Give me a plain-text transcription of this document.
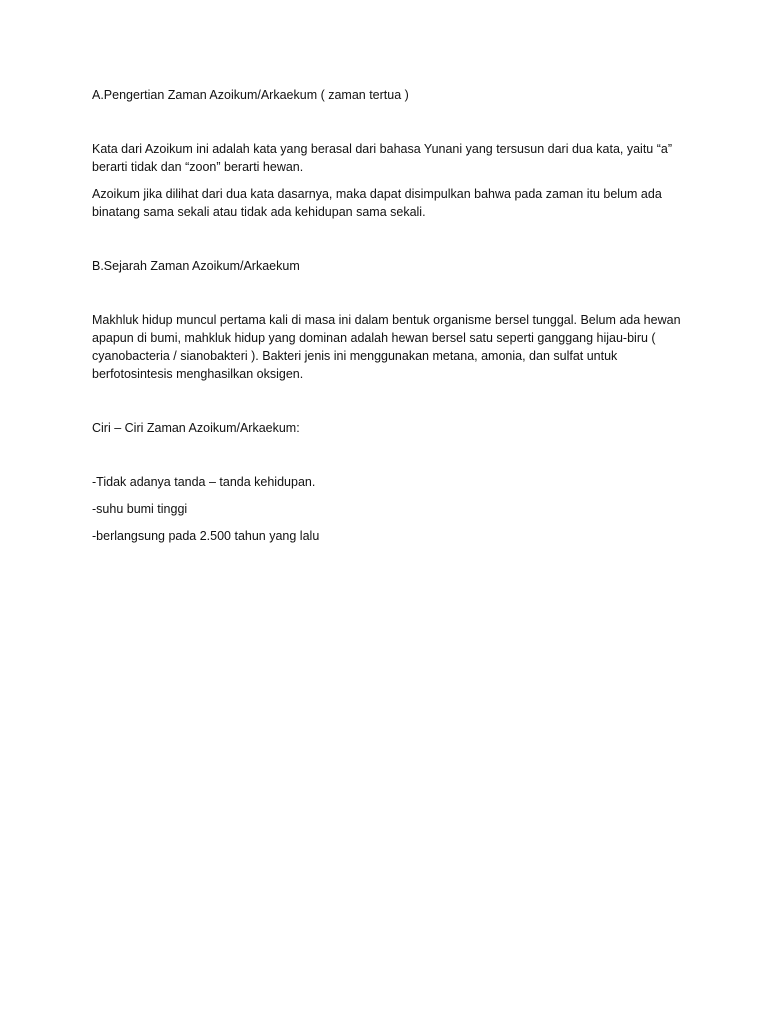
A.Pengertian Zaman Azoikum/Arkaekum ( zaman tertua )

Kata dari Azoikum ini adalah kata yang berasal dari bahasa Yunani yang tersusun dari dua kata, yaitu “a” berarti tidak dan “zoon” berarti hewan.

Azoikum jika dilihat dari dua kata dasarnya, maka dapat disimpulkan bahwa pada zaman itu belum ada binatang sama sekali atau tidak ada kehidupan sama sekali.

B.Sejarah Zaman Azoikum/Arkaekum

Makhluk hidup muncul pertama kali di masa ini dalam bentuk organisme bersel tunggal. Belum ada hewan apapun di bumi, mahkluk hidup yang dominan adalah hewan bersel satu seperti ganggang hijau-biru ( cyanobacteria / sianobakteri ). Bakteri jenis ini menggunakan metana, amonia, dan sulfat untuk berfotosintesis menghasilkan oksigen.

Ciri – Ciri Zaman Azoikum/Arkaekum:

-Tidak adanya tanda – tanda kehidupan.

-suhu bumi tinggi

-berlangsung pada 2.500 tahun yang lalu
